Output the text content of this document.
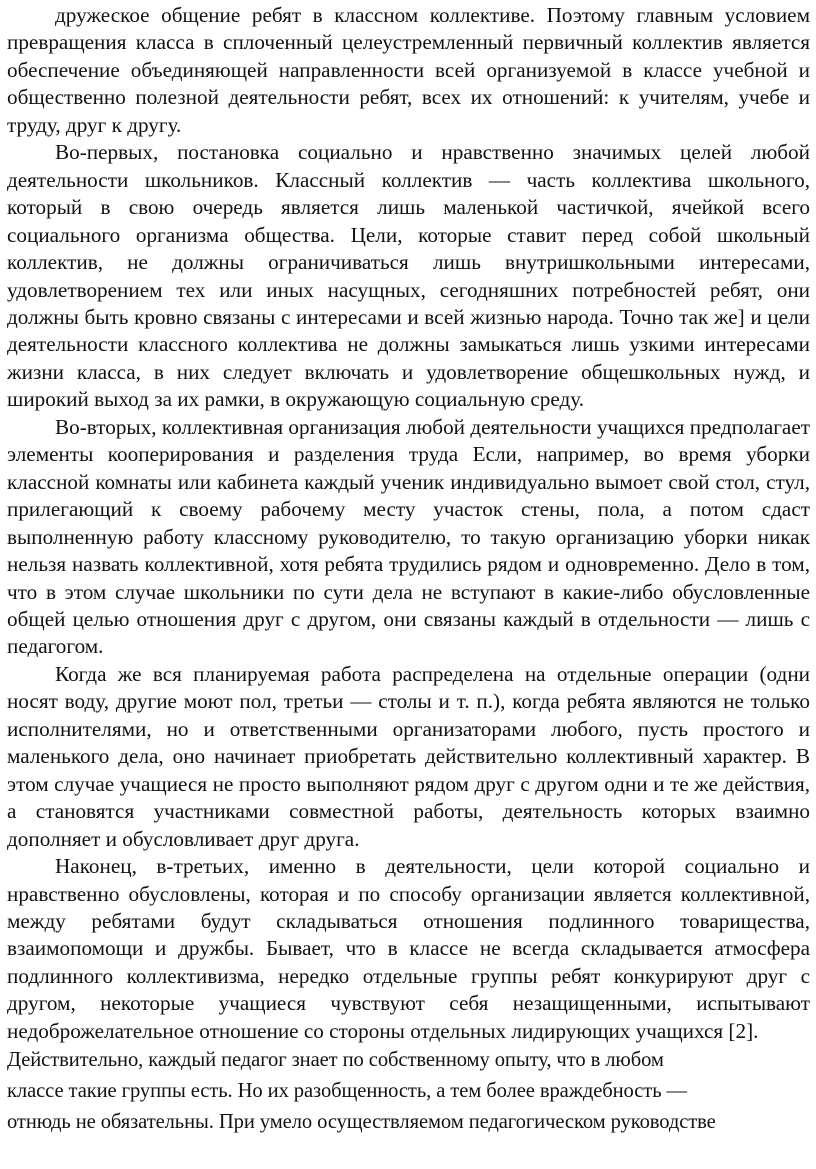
дружеское общение ребят в классном коллективе. Поэтому главным условием превращения класса в сплоченный целеустремленный первичный коллектив является обеспечение объединяющей направленности всей организуемой в классе учебной и общественно полезной деятельности ребят, всех их отношений: к учителям, учебе и труду, друг к другу.

Во-первых, постановка социально и нравственно значимых целей любой деятельности школьников. Классный коллектив — часть коллектива школьного, который в свою очередь является лишь маленькой частичкой, ячейкой всего социального организма общества. Цели, которые ставит перед собой школьный коллектив, не должны ограничиваться лишь внутришкольными интересами, удовлетворением тех или иных насущных, сегодняшних потребностей ребят, они должны быть кровно связаны с интересами и всей жизнью народа. Точно так же] и цели деятельности классного коллектива не должны замыкаться лишь узкими интересами жизни класса, в них следует включать и удовлетворение общешкольных нужд, и широкий выход за их рамки, в окружающую социальную среду.

Во-вторых, коллективная организация любой деятельности учащихся предполагает элементы кооперирования и разделения труда Если, например, во время уборки классной комнаты или кабинета каждый ученик индивидуально вымоет свой стол, стул, прилегающий к своему рабочему месту участок стены, пола, а потом сдаст выполненную работу классному руководителю, то такую организацию уборки никак нельзя назвать коллективной, хотя ребята трудились рядом и одновременно. Дело в том, что в этом случае школьники по сути дела не вступают в какие-либо обусловленные общей целью отношения друг с другом, они связаны каждый в отдельности — лишь с педагогом.

Когда же вся планируемая работа распределена на отдельные операции (одни носят воду, другие моют пол, третьи — столы и т. п.), когда ребята являются не только исполнителями, но и ответственными организаторами любого, пусть простого и маленького дела, оно начинает приобретать действительно коллективный характер. В этом случае учащиеся не просто выполняют рядом друг с другом одни и те же действия, а становятся участниками совместной работы, деятельность которых взаимно дополняет и обусловливает друг друга.

Наконец, в-третьих, именно в деятельности, цели которой социально и нравственно обусловлены, которая и по способу организации является коллективной, между ребятами будут складываться отношения подлинного товарищества, взаимопомощи и дружбы. Бывает, что в классе не всегда складывается атмосфера подлинного коллективизма, нередко отдельные группы ребят конкурируют друг с другом, некоторые учащиеся чувствуют себя незащищенными, испытывают недоброжелательное отношение со стороны отдельных лидирующих учащихся [2].

Действительно, каждый педагог знает по собственному опыту, что в любом

классе такие группы есть. Но их разобщенность, а тем более враждебность —

отнюдь не обязательны. При умело осуществляемом педагогическом руководстве
